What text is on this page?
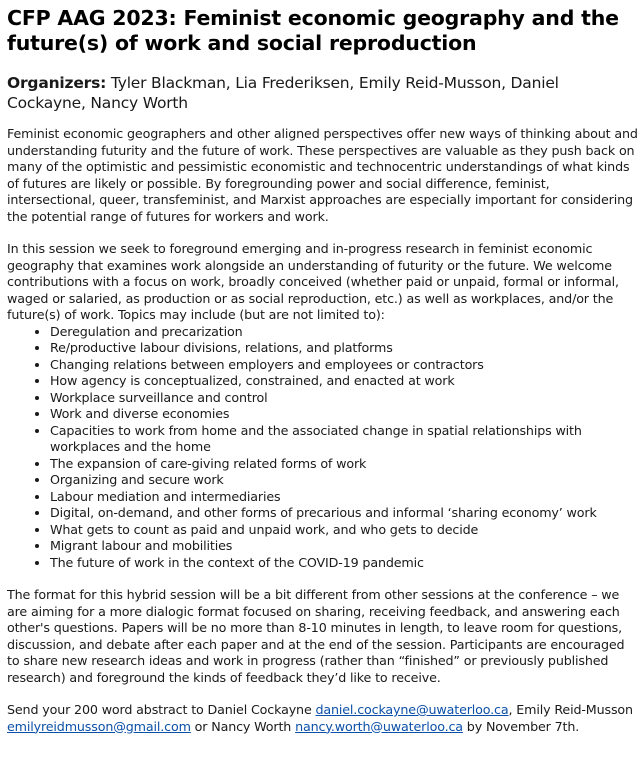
CFP AAG 2023: Feminist economic geography and the future(s) of work and social reproduction

Organizers: Tyler Blackman, Lia Frederiksen, Emily Reid-Musson, Daniel Cockayne, Nancy Worth

Feminist economic geographers and other aligned perspectives offer new ways of thinking about and understanding futurity and the future of work. These perspectives are valuable as they push back on many of the optimistic and pessimistic economistic and technocentric understandings of what kinds of futures are likely or possible. By foregrounding power and social difference, feminist, intersectional, queer, transfeminist, and Marxist approaches are especially important for considering the potential range of futures for workers and work.

In this session we seek to foreground emerging and in-progress research in feminist economic geography that examines work alongside an understanding of futurity or the future. We welcome contributions with a focus on work, broadly conceived (whether paid or unpaid, formal or informal, waged or salaried, as production or as social reproduction, etc.) as well as workplaces, and/or the future(s) of work. Topics may include (but are not limited to):

• Deregulation and precarization
• Re/productive labour divisions, relations, and platforms
• Changing relations between employers and employees or contractors
• How agency is conceptualized, constrained, and enacted at work
• Workplace surveillance and control
• Work and diverse economies
• Capacities to work from home and the associated change in spatial relationships with workplaces and the home
• The expansion of care-giving related forms of work
• Organizing and secure work
• Labour mediation and intermediaries
• Digital, on-demand, and other forms of precarious and informal ‘sharing economy’ work
• What gets to count as paid and unpaid work, and who gets to decide
• Migrant labour and mobilities
• The future of work in the context of the COVID-19 pandemic

The format for this hybrid session will be a bit different from other sessions at the conference – we are aiming for a more dialogic format focused on sharing, receiving feedback, and answering each other's questions. Papers will be no more than 8-10 minutes in length, to leave room for questions, discussion, and debate after each paper and at the end of the session. Participants are encouraged to share new research ideas and work in progress (rather than “finished” or previously published research) and foreground the kinds of feedback they’d like to receive.

Send your 200 word abstract to Daniel Cockayne daniel.cockayne@uwaterloo.ca, Emily Reid-Musson emilyreidmusson@gmail.com or Nancy Worth nancy.worth@uwaterloo.ca by November 7th.
